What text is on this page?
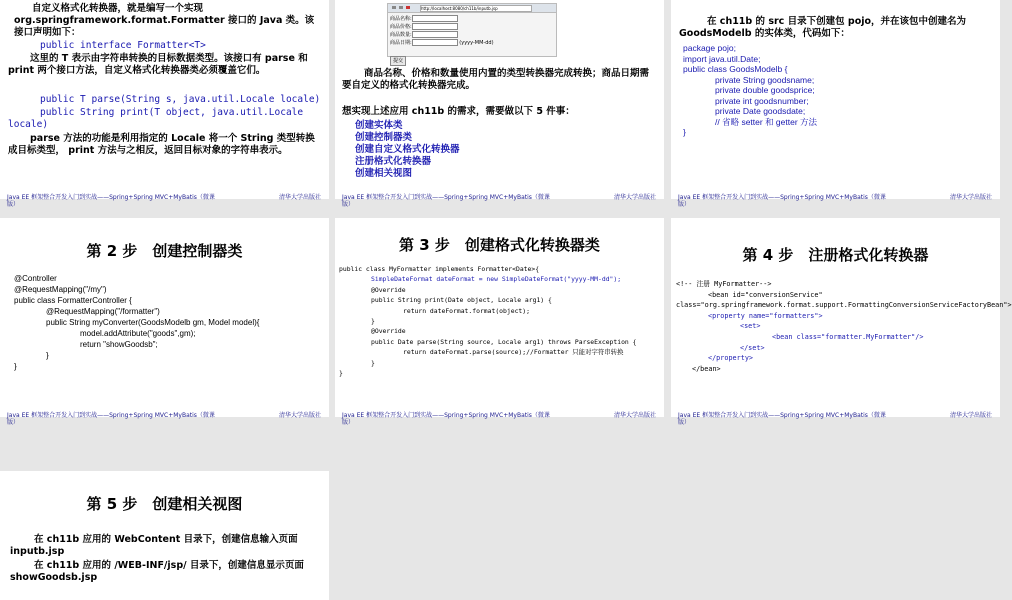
自定义格式化转换器，就是编写一个实现 org.springframework.format.Formatter 接口的 Java 类。该接口声明如下：
public interface Formatter<T>
这里的 T 表示由字符串转换的目标数据类型。该接口有 parse 和 print 两个接口方法，自定义格式化转换器类必须覆盖它们。
public T parse(String s, java.util.Locale locale)
public String print(T object, java.util.Locale locale)
parse 方法的功能是利用指定的 Locale 将一个 String 类型转换成目标类型， print 方法与之相反，返回目标对象的字符串表示。
Java EE 框架整合开发入门到实战——Spring+Spring MVC+MyBatis（微课版）
清华大学出版社
http://localhost:8080/ch11b/inputb.jsp
商品名称:
商品价格:
商品数量:
商品日期:	(yyyy-MM-dd)
提交
商品名称、价格和数量使用内置的类型转换器完成转换；商品日期需要自定义的格式化转换器完成。
想实现上述应用 ch11b 的需求，需要做以下 5 件事：
创建实体类
创建控制器类
创建自定义格式化转换器
注册格式化转换器
创建相关视图
Java EE 框架整合开发入门到实战——Spring+Spring MVC+MyBatis（微课版）
清华大学出版社
在 ch11b 的 src 目录下创建包 pojo，并在该包中创建名为 GoodsModelb 的实体类，代码如下：
package pojo;
import java.util.Date;
public class GoodsModelb {
private String goodsname;
private double goodsprice;
private int goodsnumber;
private Date goodsdate;
// 省略 setter 和 getter 方法
}
Java EE 框架整合开发入门到实战——Spring+Spring MVC+MyBatis（微课版）
清华大学出版社
第 2 步　创建控制器类
@Controller
@RequestMapping("/my")
public class FormatterController {
@RequestMapping("/formatter")
public String myConverter(GoodsModelb gm, Model model){
model.addAttribute("goods",gm);
return "showGoodsb";
}
}
Java EE 框架整合开发入门到实战——Spring+Spring MVC+MyBatis（微课版）
清华大学出版社
第 3 步　创建格式化转换器类
public class MyFormatter implements Formatter<Date>{
SimpleDateFormat dateFormat = new SimpleDateFormat("yyyy-MM-dd");
@Override
public String print(Date object, Locale arg1) {
return dateFormat.format(object);
}
@Override
public Date parse(String source, Locale arg1) throws ParseException {
return dateFormat.parse(source);//Formatter 只能对字符串转换
}
}
Java EE 框架整合开发入门到实战——Spring+Spring MVC+MyBatis（微课版）
清华大学出版社
第 4 步　注册格式化转换器
<!-- 注册 MyFormatter-->
<bean id="conversionService"
class="org.springframework.format.support.FormattingConversionServiceFactoryBean">
<property name="formatters">
<set>
<bean class="formatter.MyFormatter"/>
</set>
</property>
</bean>
Java EE 框架整合开发入门到实战——Spring+Spring MVC+MyBatis（微课版）
清华大学出版社
第 5 步　创建相关视图
在 ch11b 应用的 WebContent 目录下，创建信息输入页面 inputb.jsp
在 ch11b 应用的 /WEB-INF/jsp/ 目录下，创建信息显示页面 showGoodsb.jsp
